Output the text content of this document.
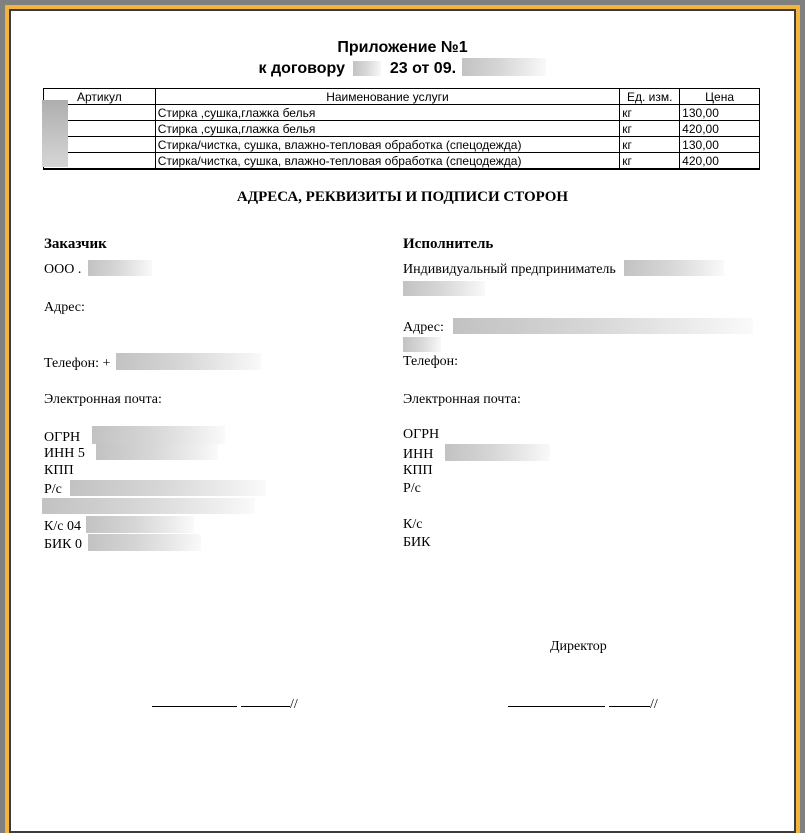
Приложение №1
к договору	23 от 09.
Артикул	Наименование услуги	Ед. изм.	Цена
	Стирка ,сушка,глажка белья	кг	130,00
	Стирка ,сушка,глажка белья	кг	420,00
	Стирка/чистка, сушка, влажно-тепловая обработка (спецодежда)	кг	130,00
	Стирка/чистка, сушка, влажно-тепловая обработка (спецодежда)	кг	420,00
АДРЕСА, РЕКВИЗИТЫ И ПОДПИСИ СТОРОН
Заказчик
ООО .
Адрес:
Телефон: +
Электронная почта:
ОГРН
ИНН 5
КПП
Р/с
К/с 04
БИК 0
Исполнитель
Индивидуальный предприниматель
Адрес:
Телефон:
Электронная почта:
ОГРН
ИНН
КПП
Р/с
К/с
БИК
Директор
//	//
